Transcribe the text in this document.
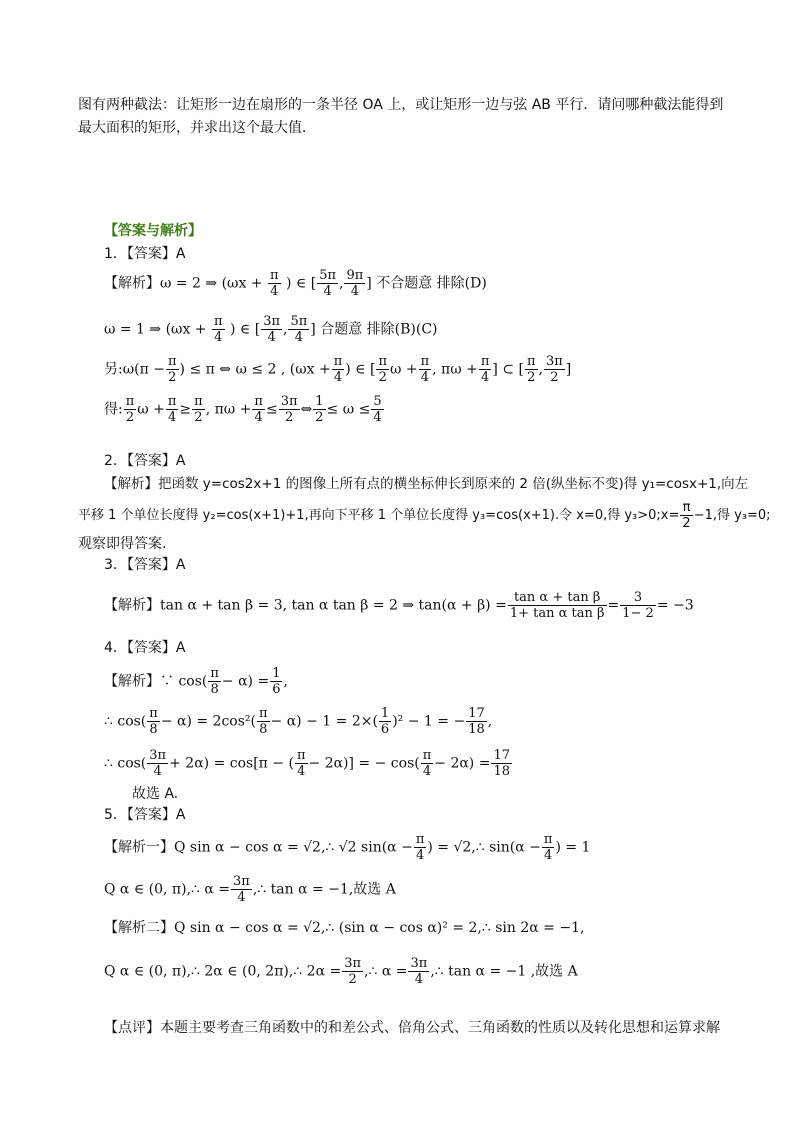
图有两种截法：让矩形一边在扇形的一条半径 OA 上，或让矩形一边与弦 AB 平行．请问哪种截法能得到
最大面积的矩形，并求出这个最大值．
【答案与解析】
1．【答案】A
【解析】ω = 2 ⇒ ($\omega x + \frac{\pi}{4}$ ) ∈ [ $\frac{5\pi}{4}$ , $\frac{9\pi}{4}$ ] 不合题意 排除(D)
ω = 1 ⇒ ($\omega x + \frac{\pi}{4}$ ) ∈ [ $\frac{3\pi}{4}$ , $\frac{5\pi}{4}$ ] 合题意 排除(B)(C)
另:ω(π − $\frac{\pi}{2}$ ) ≤ π ⇔ ω ≤ 2 , ($\omega x + \frac{\pi}{4}$ ) ∈ [ $\frac{\pi}{2}$ $\omega + \frac{\pi}{4}$ , $\pi\omega + \frac{\pi}{4}$ ] ⊂ [ $\frac{\pi}{2}$ , $\frac{3\pi}{2}$ ]
得: $\frac{\pi}{2}$ $\omega + \frac{\pi}{4} \ge \frac{\pi}{2}$ , $\pi\omega + \frac{\pi}{4} \le \frac{3\pi}{2}$ ⇔ $\frac{1}{2} \le \omega \le \frac{5}{4}$
2．【答案】A
【解析】把函数 y=cos2x+1 的图像上所有点的横坐标伸长到原来的 2 倍(纵坐标不变)得 y₁=cosx+1,向左
平移 1 个单位长度得 y₂=cos(x+1)+1,再向下平移 1 个单位长度得 y₃=cos(x+1).令 x=0,得 y₃>0;x= $\frac{\pi}{2} -1$,得 y₃=0;
观察即得答案.
3．【答案】A
【解析】tan α + tan β = 3, tan α tan β = 2 ⇒ $\tan(\alpha + \beta) = \frac{\text{tan α + tan β}}{\text{1+ tan α tan β}} = \frac{3}{1- 2} = -3$
4．【答案】A
【解析】∵ $\cos( \frac{\pi}{8} - \alpha) = \frac{1}{6}$ ,
∴ $\cos( \frac{\pi}{8} - \alpha) = 2\cos^2( \frac{\pi}{8} - \alpha) - 1 = 2\times( \frac{1}{6} )^2 - 1$ = − $\frac{17}{18}$ ,
∴ $\cos( \frac{3\pi}{4} + 2\alpha) = \cos[\pi$ − ( $\frac{\pi}{4} - 2\alpha$)] = − $\cos( \frac{\pi}{4} - 2\alpha) = \frac{17}{18}$
故选 A.
5．【答案】A
【解析一】Q sin α − cos α = √2,∴ √2 $\sin(\alpha - \frac{\pi}{4}$ ) = √2,∴ $\sin(\alpha - \frac{\pi}{4}$ ) = 1
Q α ∈ (0, π),∴ $\alpha = \frac{3\pi}{4}$ ,∴ tan α = −1,故选 A
【解析二】Q sin α − cos α = √2,∴ (sin α − cos α)² = 2,∴ sin 2α = −1,
Q α ∈ (0, π),∴ 2α ∈ (0, 2π),∴ $2\alpha = \frac{3\pi}{2}$ ,∴ $\alpha = \frac{3\pi}{4}$ ,∴ tan α = −1 ,故选 A
【点评】本题主要考查三角函数中的和差公式、倍角公式、三角函数的性质以及转化思想和运算求解
